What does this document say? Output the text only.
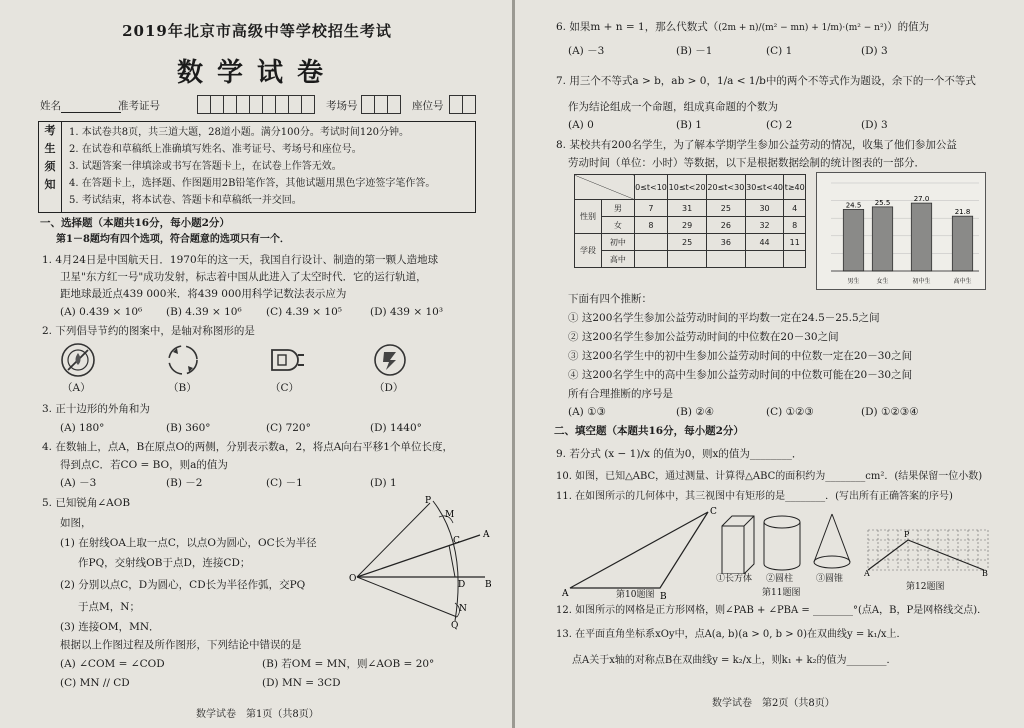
2019年北京市高级中等学校招生考试
数学试卷
姓名	准考证号	考场号	座位号
考
生
须
知
1. 本试卷共8页，共三道大题，28道小题。满分100分。考试时间120分钟。
2. 在试卷和草稿纸上准确填写姓名、准考证号、考场号和座位号。
3. 试题答案一律填涂或书写在答题卡上，在试卷上作答无效。
4. 在答题卡上，选择题、作图题用2B铅笔作答，其他试题用黑色字迹签字笔作答。
5. 考试结束，将本试卷、答题卡和草稿纸一并交回。
一、选择题（本题共16分，每小题2分）
第1－8题均有四个选项，符合题意的选项只有一个．
1. 4月24日是中国航天日．1970年的这一天，我国自行设计、制造的第一颗人造地球
卫星"东方红一号"成功发射，标志着中国从此进入了太空时代．它的运行轨道，
距地球最近点439 000米．将439 000用科学记数法表示应为
(A) 0.439 × 10⁶ (B) 4.39 × 10⁶ (C) 4.39 × 10⁵	(D) 439 × 10³
2. 下列倡导节约的图案中，是轴对称图形的是
（A）	（B）	（C）	（D）
3. 正十边形的外角和为
(A) 180°	(B) 360°	(C) 720°	(D) 1440°
4. 在数轴上，点A，B在原点O的两侧，分别表示数a，2，将点A向右平移1个单位长度，
得到点C．若CO = BO，则a的值为
(A) －3	(B) －2	(C) －1	(D) 1
5. 已知锐角∠AOB
如图，
(1) 在射线OA上取一点C，以点O为圆心，OC长为半径
作PQ，交射线OB于点D，连接CD；
(2) 分别以点C，D为圆心，CD长为半径作弧，交PQ
于点M，N；
(3) 连接OM，MN．
根据以上作图过程及所作图形，下列结论中错误的是
(A) ∠COM = ∠COD	(B) 若OM = MN，则∠AOB = 20°
(C) MN // CD	(D) MN = 3CD
P
M
C
A
O
D B
N
Q
数学试卷　第1页（共8页）
6. 如果m + n = 1，那么代数式（(2m + n)/(m² − mn) + 1/m)·(m² − n²)）的值为
(A) －3	(B) －1	(C) 1	(D) 3
7. 用三个不等式a > b，ab > 0，1/a < 1/b中的两个不等式作为题设，余下的一个不等式
作为结论组成一个命题，组成真命题的个数为
(A) 0	(B) 1	(C) 2	(D) 3
8. 某校共有200名学生，为了解本学期学生参加公益劳动的情况，收集了他们参加公益
劳动时间（单位：小时）等数据，以下是根据数据绘制的统计图表的一部分．
		0≤t<10	10≤t<20	20≤t<30	30≤t<40	t≥40
性别	男	7	31	25	30	4
	女	8	29	26	32	8
学段	初中		25	36	44	11
	高中					
24.5
男生
25.5
女生
27.0
初中生
21.8
高中生
下面有四个推断：
① 这200名学生参加公益劳动时间的平均数一定在24.5－25.5之间
② 这200名学生参加公益劳动时间的中位数在20－30之间
③ 这200名学生中的初中生参加公益劳动时间的中位数一定在20－30之间
④ 这200名学生中的高中生参加公益劳动时间的中位数可能在20－30之间
所有合理推断的序号是
(A) ①③	(B) ②④	(C) ①②③	(D) ①②③④
二、填空题（本题共16分，每小题2分）
9. 若分式 (x − 1)/x 的值为0，则x的值为________．
10. 如图，已知△ABC，通过测量、计算得△ABC的面积约为________cm²．(结果保留一位小数)
11. 在如图所示的几何体中，其三视图中有矩形的是________．(写出所有正确答案的序号)
C
A	B
第10题图
①长方体 ②圆柱	③圆锥
第11题图
P
A	B
第12题图
12. 如图所示的网格是正方形网格，则∠PAB + ∠PBA = ________°(点A，B，P是网格线交点)．
13. 在平面直角坐标系xOy中，点A(a, b)(a > 0, b > 0)在双曲线y = k₁/x上．
点A关于x轴的对称点B在双曲线y = k₂/x上，则k₁ + k₂的值为________．
数学试卷　第2页（共8页）
